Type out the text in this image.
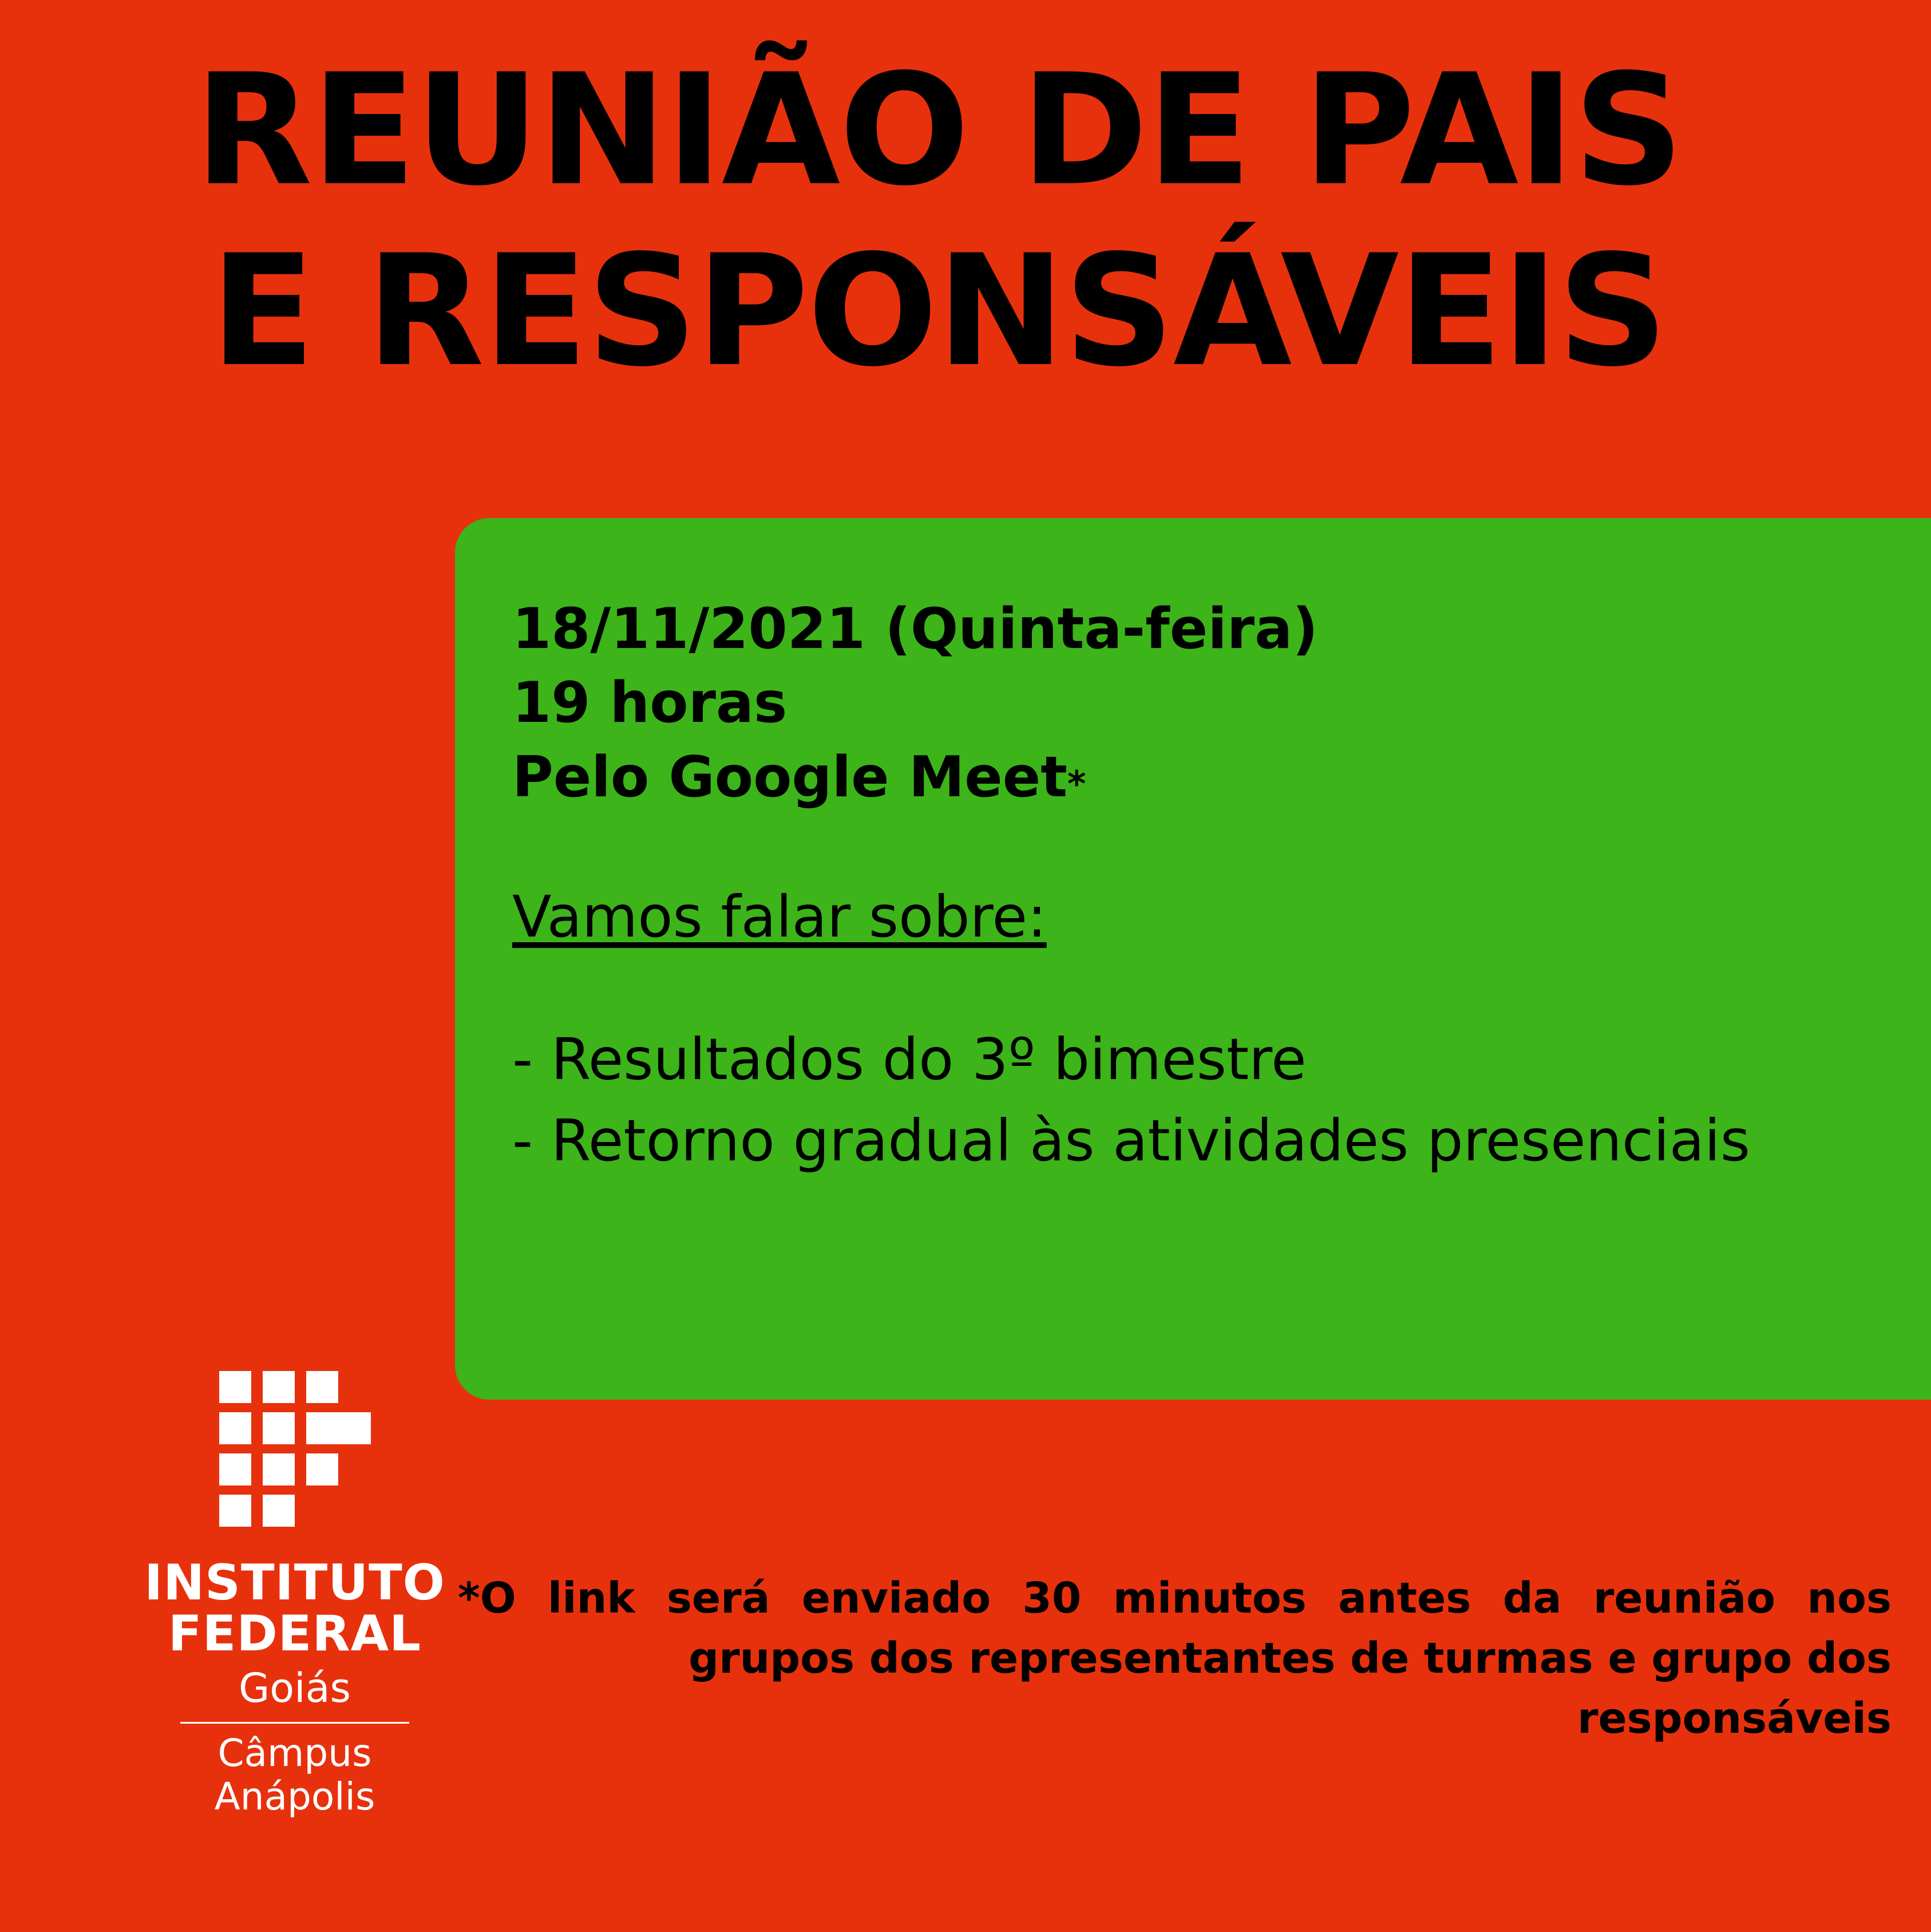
REUNIÃO DE PAIS
E RESPONSÁVEIS
18/11/2021 (Quinta-feira)
19 horas
Pelo Google Meet*
Vamos falar sobre:
- Resultados do 3º bimestre
- Retorno gradual às atividades presenciais
INSTITUTO
FEDERAL
Goiás
Câmpus
Anápolis
*O link será enviado 30 minutos antes da reunião nos
grupos dos representantes de turmas e grupo dos responsáveis
